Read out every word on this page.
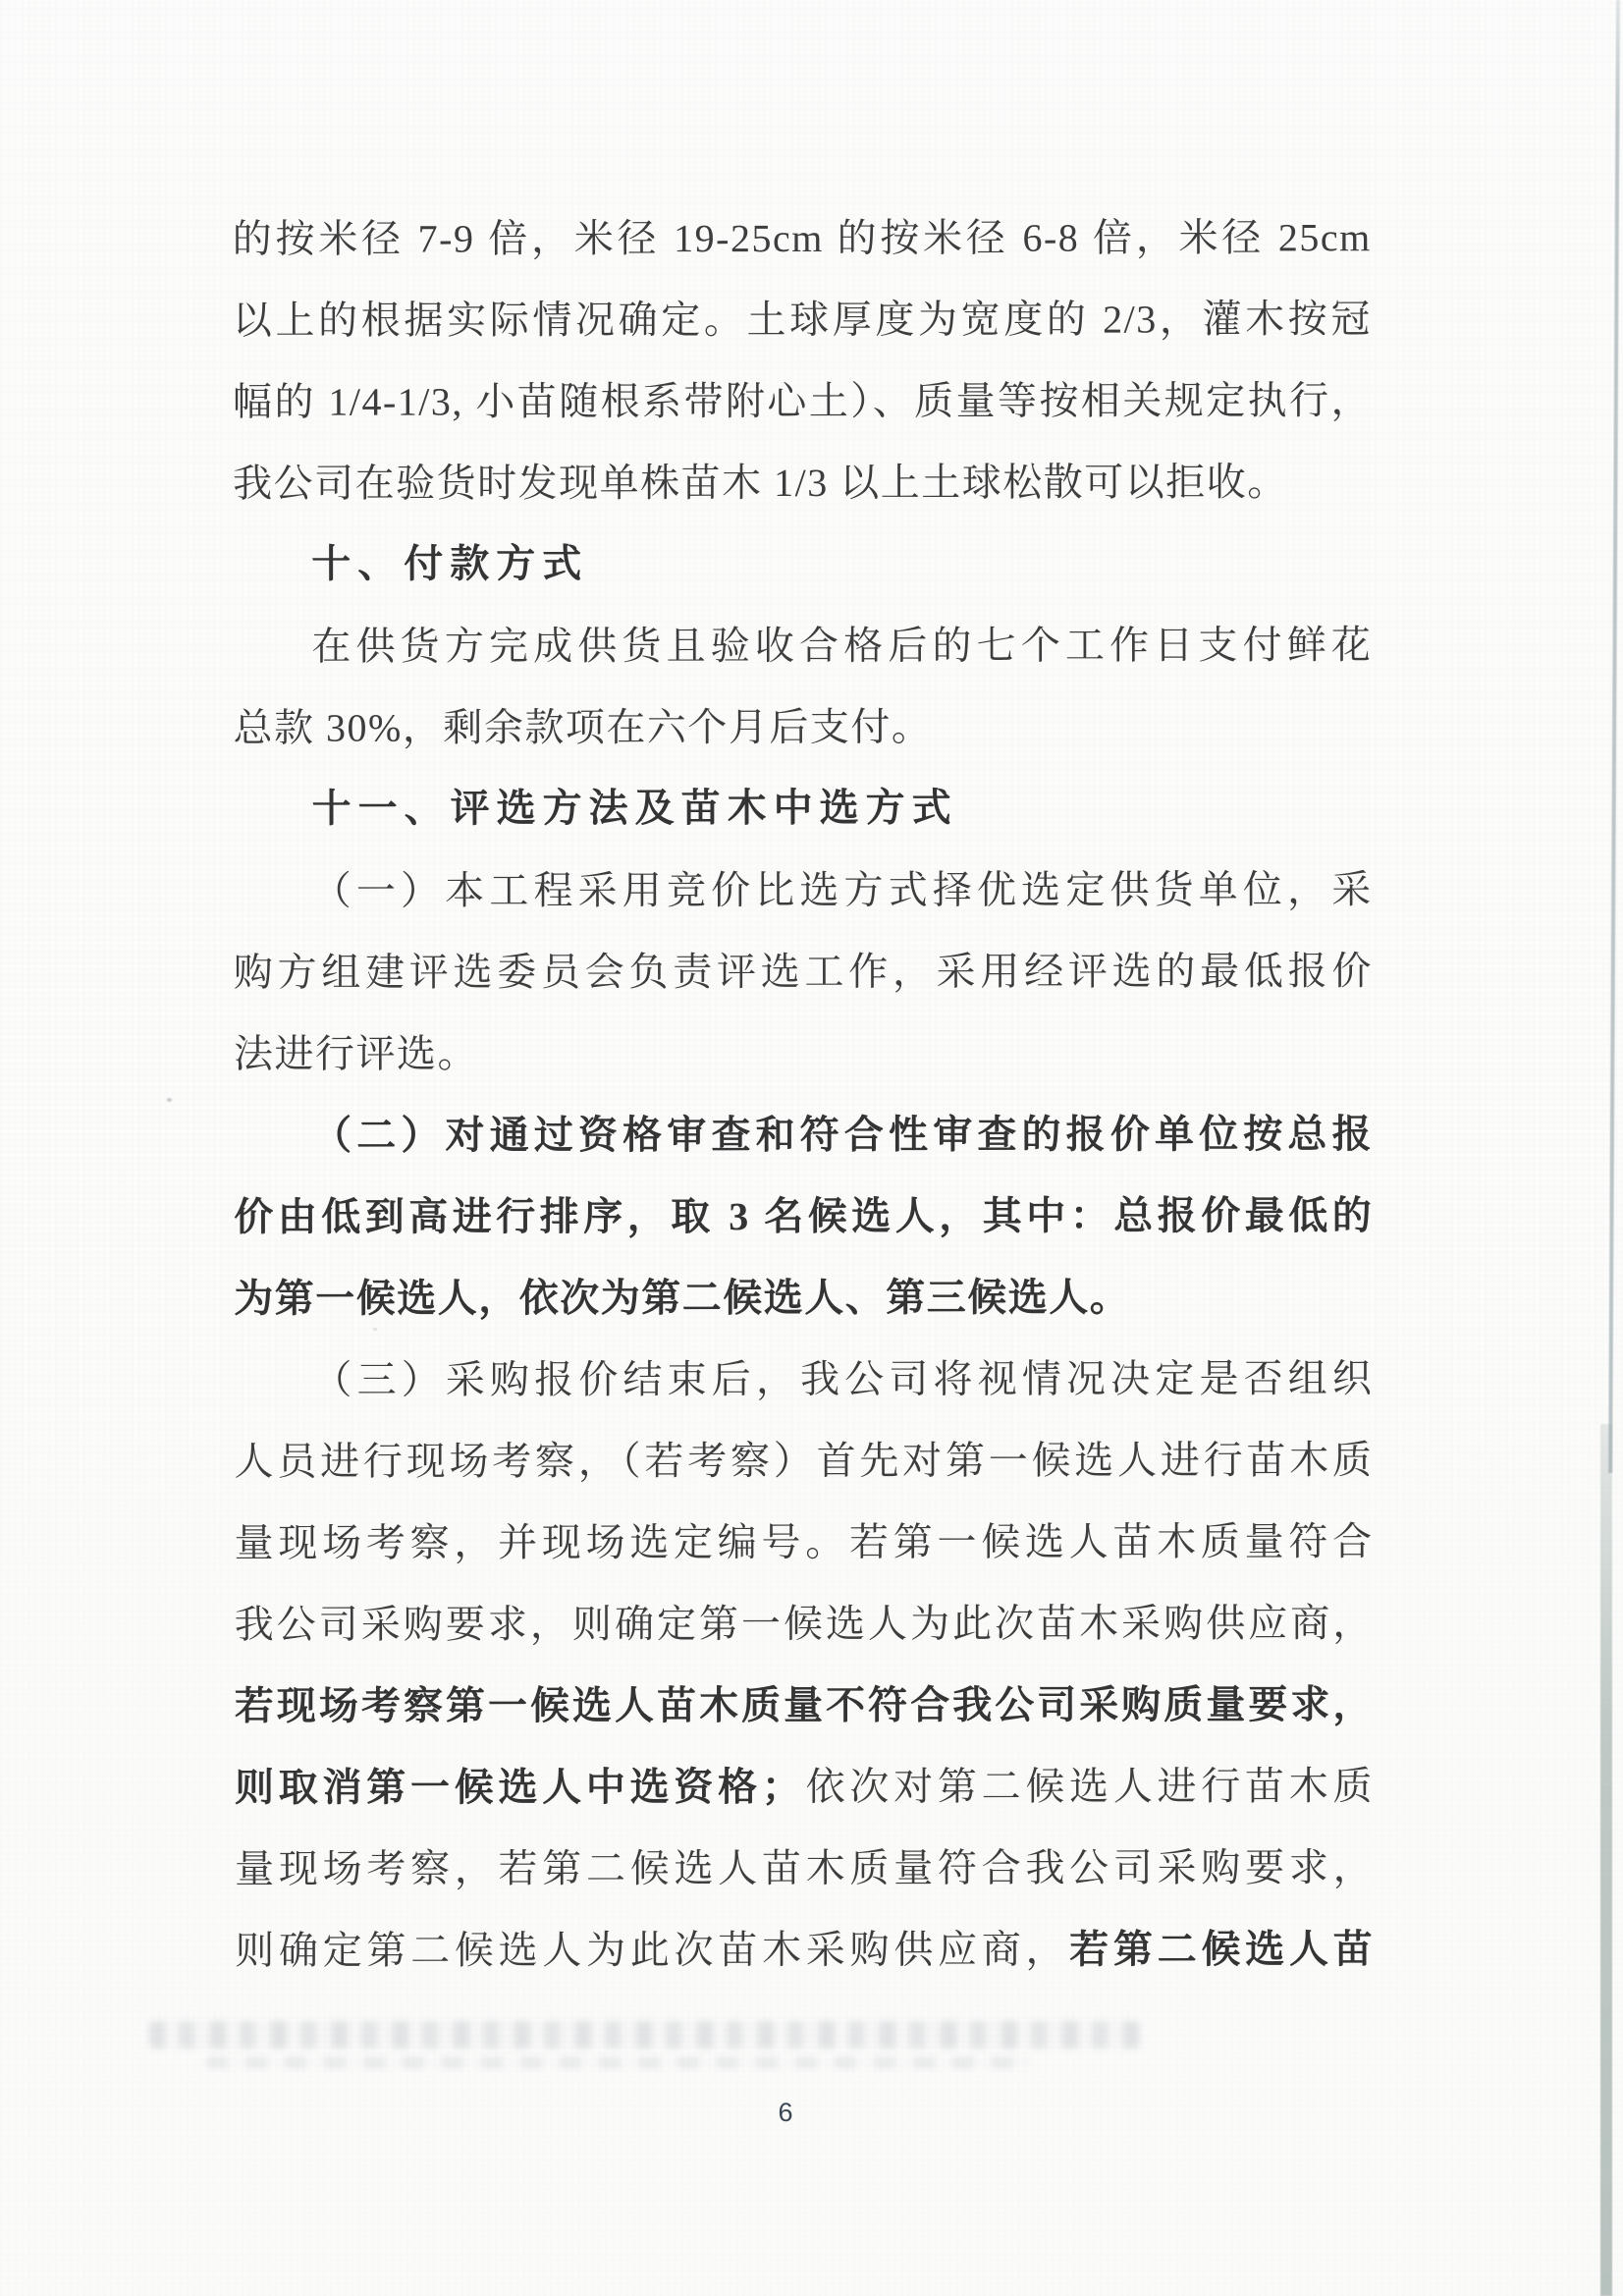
的按米径 7-9 倍，米径 19-25cm 的按米径 6-8 倍，米径 25cm
以上的根据实际情况确定。土球厚度为宽度的 2/3，灌木按冠
幅的 1/4-1/3, 小苗随根系带附心土）、质量等按相关规定执行，
我公司在验货时发现单株苗木 1/3 以上土球松散可以拒收。
十、付款方式
在供货方完成供货且验收合格后的七个工作日支付鲜花
总款 30%，剩余款项在六个月后支付。
十一、评选方法及苗木中选方式
（一）本工程采用竞价比选方式择优选定供货单位，采
购方组建评选委员会负责评选工作，采用经评选的最低报价
法进行评选。
（二）对通过资格审查和符合性审查的报价单位按总报
价由低到高进行排序，取 3 名候选人，其中：总报价最低的
为第一候选人，依次为第二候选人、第三候选人。
（三）采购报价结束后，我公司将视情况决定是否组织
人员进行现场考察，（若考察）首先对第一候选人进行苗木质
量现场考察，并现场选定编号。若第一候选人苗木质量符合
我公司采购要求，则确定第一候选人为此次苗木采购供应商，
若现场考察第一候选人苗木质量不符合我公司采购质量要求，
则取消第一候选人中选资格；依次对第二候选人进行苗木质
量现场考察，若第二候选人苗木质量符合我公司采购要求，
则确定第二候选人为此次苗木采购供应商，若第二候选人苗
6
